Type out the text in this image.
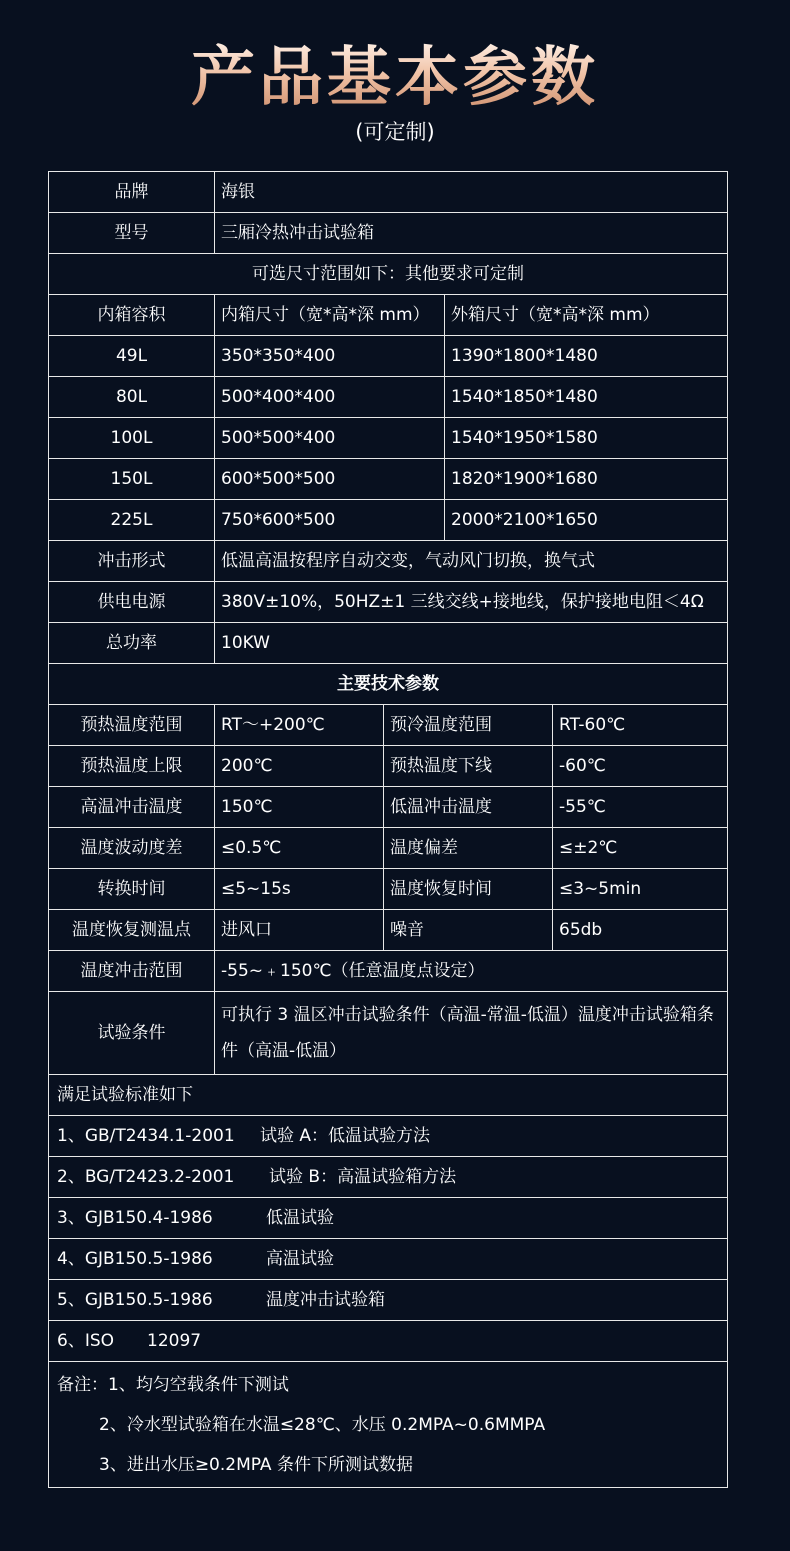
产品基本参数
(可定制)
品牌	海银			
型号	三厢冷热冲击试验箱			
可选尺寸范围如下：其他要求可定制				
内箱容积	内箱尺寸（宽*高*深 mm）		外箱尺寸（宽*高*深 mm）	
49L	350*350*400		1390*1800*1480	
80L	500*400*400		1540*1850*1480	
100L	500*500*400		1540*1950*1580	
150L	600*500*500		1820*1900*1680	
225L	750*600*500		2000*2100*1650	
冲击形式	低温高温按程序自动交变，气动风门切换，换气式			
供电电源	380V±10%，50HZ±1 三线交线+接地线，保护接地电阻＜4Ω			
总功率	10KW			
主要技术参数				
预热温度范围	RT～+200℃	预冷温度范围		RT-60℃
预热温度上限	200℃	预热温度下线		-60℃
高温冲击温度	150℃	低温冲击温度		-55℃
温度波动度差	≤0.5℃	温度偏差		≤±2℃
转换时间	≤5~15s	温度恢复时间		≤3~5min
温度恢复测温点	进风口	噪音		65db
温度冲击范围	-55~﹢150℃（任意温度点设定）			
试验条件	可执行 3 温区冲击试验条件（高温-常温-低温）温度冲击试验箱条件（高温-低温）			
满足试验标准如下				
1、GB/T2434.1-2001 试验 A：低温试验方法				
2、BG/T2423.2-2001 试验 B：高温试验箱方法				
3、GJB150.4-1986 低温试验				
4、GJB150.5-1986 高温试验				
5、GJB150.5-1986 温度冲击试验箱				
6、ISO 12097				

备注：1、均匀空载条件下测试
2、冷水型试验箱在水温≤28℃、水压 0.2MPA~0.6MMPA
3、进出水压≥0.2MPA 条件下所测试数据				
